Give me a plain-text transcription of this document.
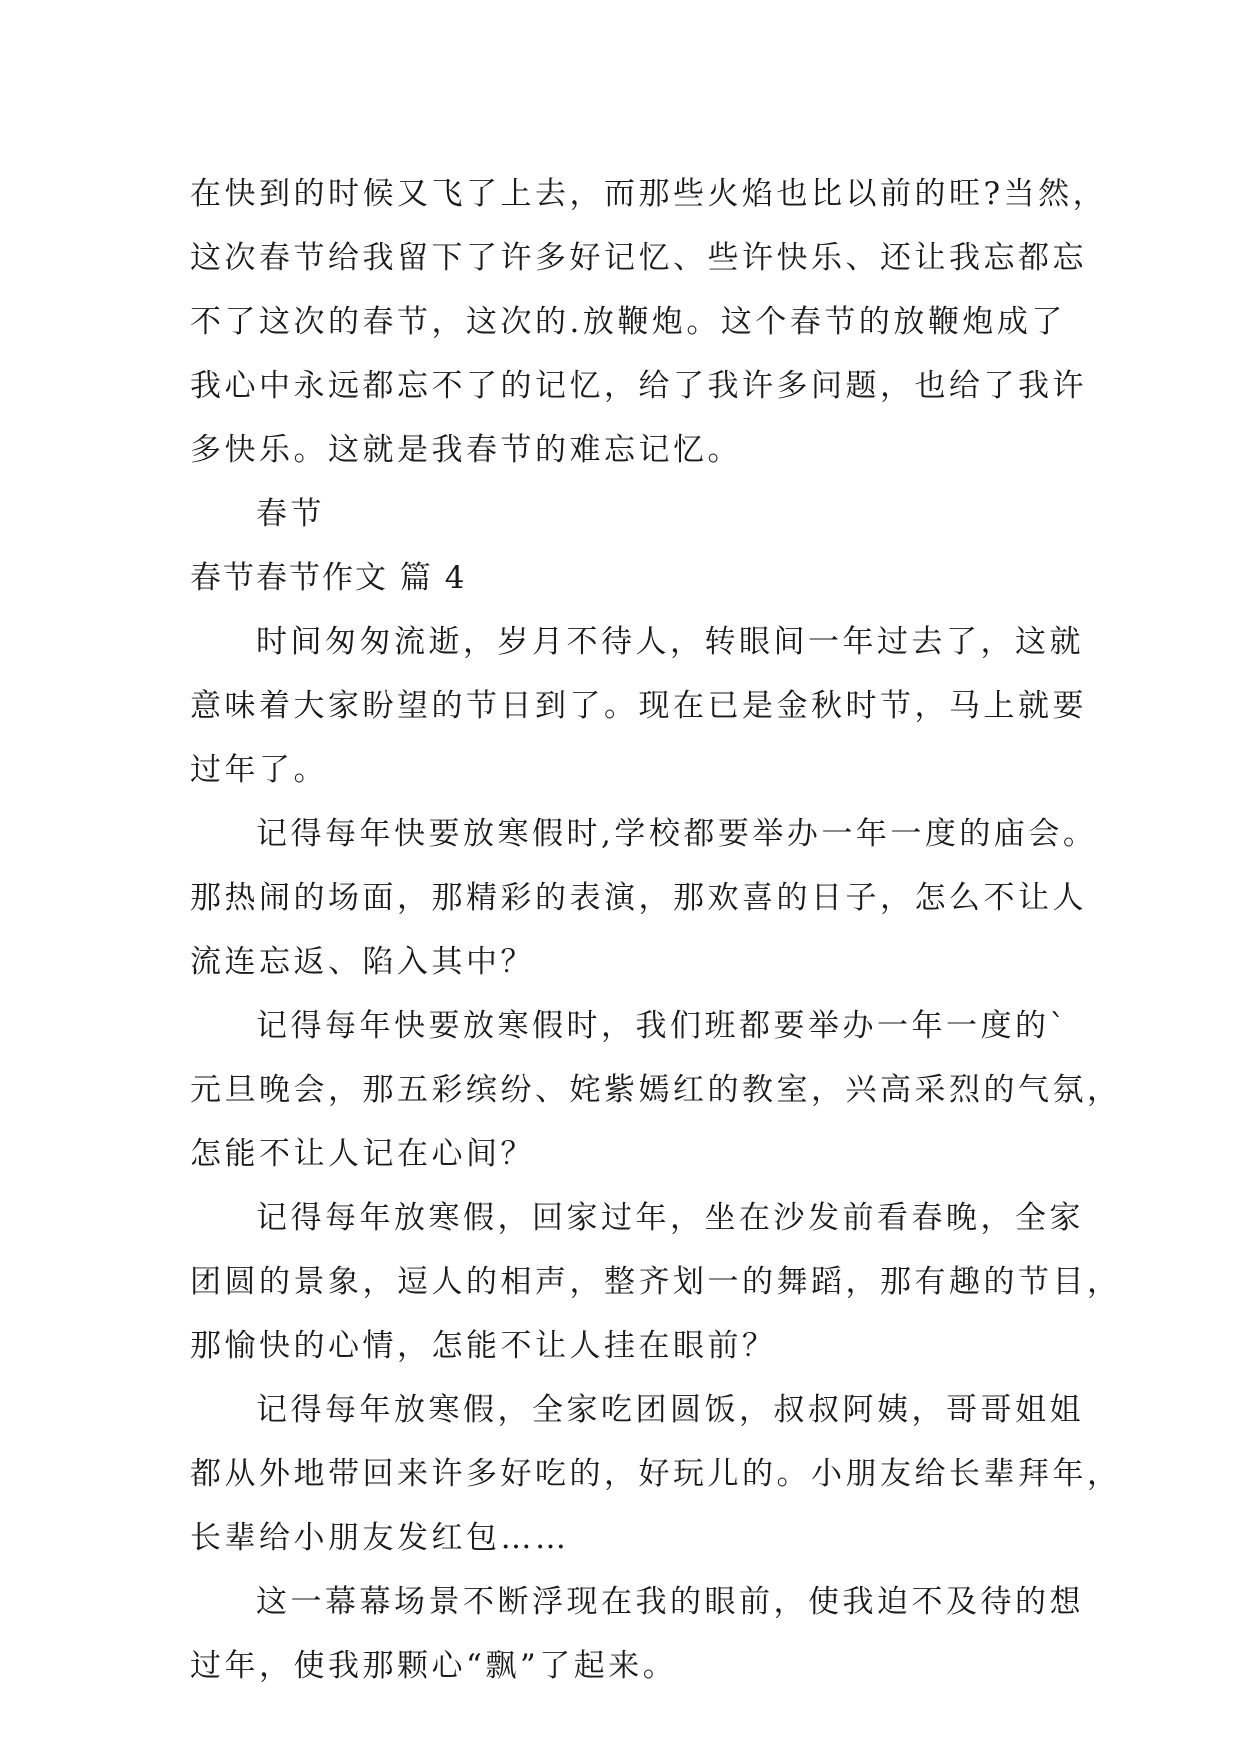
在快到的时候又飞了上去，而那些火焰也比以前的旺?当然，
这次春节给我留下了许多好记忆、些许快乐、还让我忘都忘
不了这次的春节，这次的.放鞭炮。这个春节的放鞭炮成了
我心中永远都忘不了的记忆，给了我许多问题，也给了我许
多快乐。这就是我春节的难忘记忆。
春节
春节春节作文 篇 4
时间匆匆流逝，岁月不待人，转眼间一年过去了，这就
意味着大家盼望的节日到了。现在已是金秋时节，马上就要
过年了。
记得每年快要放寒假时,学校都要举办一年一度的庙会。
那热闹的场面，那精彩的表演，那欢喜的日子，怎么不让人
流连忘返、陷入其中？
记得每年快要放寒假时，我们班都要举办一年一度的`
元旦晚会，那五彩缤纷、姹紫嫣红的教室，兴高采烈的气氛，
怎能不让人记在心间？
记得每年放寒假，回家过年，坐在沙发前看春晚，全家
团圆的景象，逗人的相声，整齐划一的舞蹈，那有趣的节目，
那愉快的心情，怎能不让人挂在眼前？
记得每年放寒假，全家吃团圆饭，叔叔阿姨，哥哥姐姐
都从外地带回来许多好吃的，好玩儿的。小朋友给长辈拜年，
长辈给小朋友发红包……
这一幕幕场景不断浮现在我的眼前，使我迫不及待的想
过年，使我那颗心“飘”了起来。
